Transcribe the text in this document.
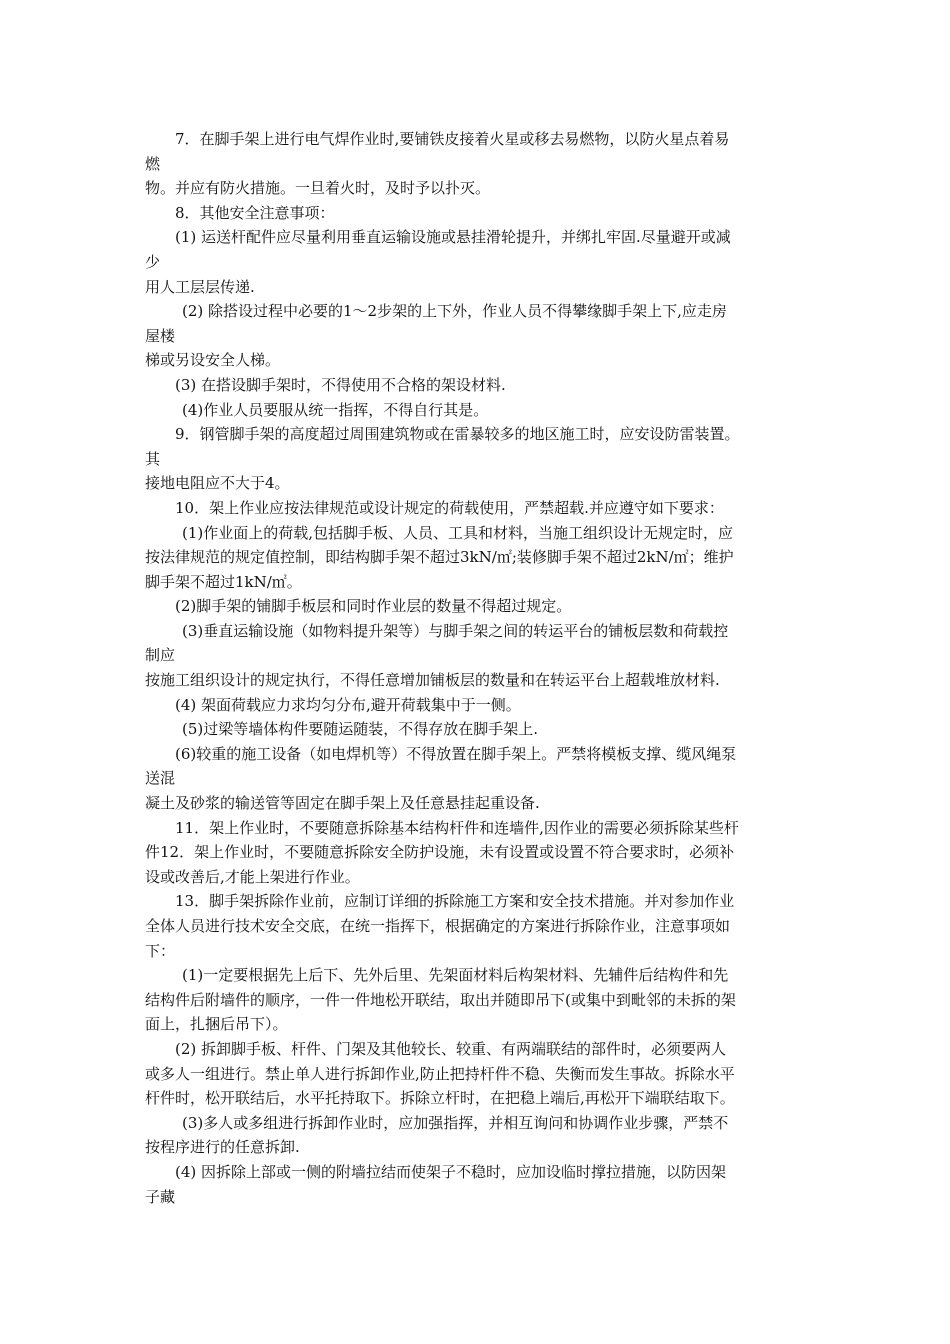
7．在脚手架上进行电气焊作业时,要铺铁皮接着火星或移去易燃物，以防火星点着易
燃
物。并应有防火措施。一旦着火时，及时予以扑灭。
8．其他安全注意事项：
(1) 运送杆配件应尽量利用垂直运输设施或悬挂滑轮提升，并绑扎牢固.尽量避开或减
少
用人工层层传递.
(2) 除搭设过程中必要的1～2步架的上下外，作业人员不得攀缘脚手架上下,应走房
屋楼
梯或另设安全人梯。
(3) 在搭设脚手架时，不得使用不合格的架设材料.
(4)作业人员要服从统一指挥，不得自行其是。
9．钢管脚手架的高度超过周围建筑物或在雷暴较多的地区施工时，应安设防雷装置。
其
接地电阻应不大于4。
10．架上作业应按法律规范或设计规定的荷载使用，严禁超载.并应遵守如下要求：
(1)作业面上的荷载,包括脚手板、人员、工具和材料，当施工组织设计无规定时，应
按法律规范的规定值控制，即结构脚手架不超过3kN/㎡;装修脚手架不超过2kN/㎡；维护
脚手架不超过1kN/㎡。
(2)脚手架的铺脚手板层和同时作业层的数量不得超过规定。
(3)垂直运输设施（如物料提升架等）与脚手架之间的转运平台的铺板层数和荷载控
制应
按施工组织设计的规定执行，不得任意增加铺板层的数量和在转运平台上超载堆放材料.
(4) 架面荷载应力求均匀分布,避开荷载集中于一侧。
(5)过梁等墙体构件要随运随装，不得存放在脚手架上.
(6)较重的施工设备（如电焊机等）不得放置在脚手架上。严禁将模板支撑、缆风绳泵
送混
凝土及砂浆的输送管等固定在脚手架上及任意悬挂起重设备.
11．架上作业时，不要随意拆除基本结构杆件和连墙件,因作业的需要必须拆除某些杆
件12．架上作业时，不要随意拆除安全防护设施，未有设置或设置不符合要求时，必须补
设或改善后,才能上架进行作业。
13．脚手架拆除作业前，应制订详细的拆除施工方案和安全技术措施。并对参加作业
全体人员进行技术安全交底，在统一指挥下，根据确定的方案进行拆除作业，注意事项如
下：
(1)一定要根据先上后下、先外后里、先架面材料后构架材料、先辅件后结构件和先
结构件后附墙件的顺序，一件一件地松开联结，取出并随即吊下(或集中到毗邻的未拆的架
面上，扎捆后吊下）。
(2) 拆卸脚手板、杆件、门架及其他较长、较重、有两端联结的部件时，必须要两人
或多人一组进行。禁止单人进行拆卸作业,防止把持杆件不稳、失衡而发生事故。拆除水平
杆件时，松开联结后，水平托持取下。拆除立杆时，在把稳上端后,再松开下端联结取下。
(3)多人或多组进行拆卸作业时，应加强指挥，并相互询问和协调作业步骤，严禁不
按程序进行的任意拆卸.
(4) 因拆除上部或一侧的附墙拉结而使架子不稳时，应加设临时撑拉措施，以防因架
子藏
